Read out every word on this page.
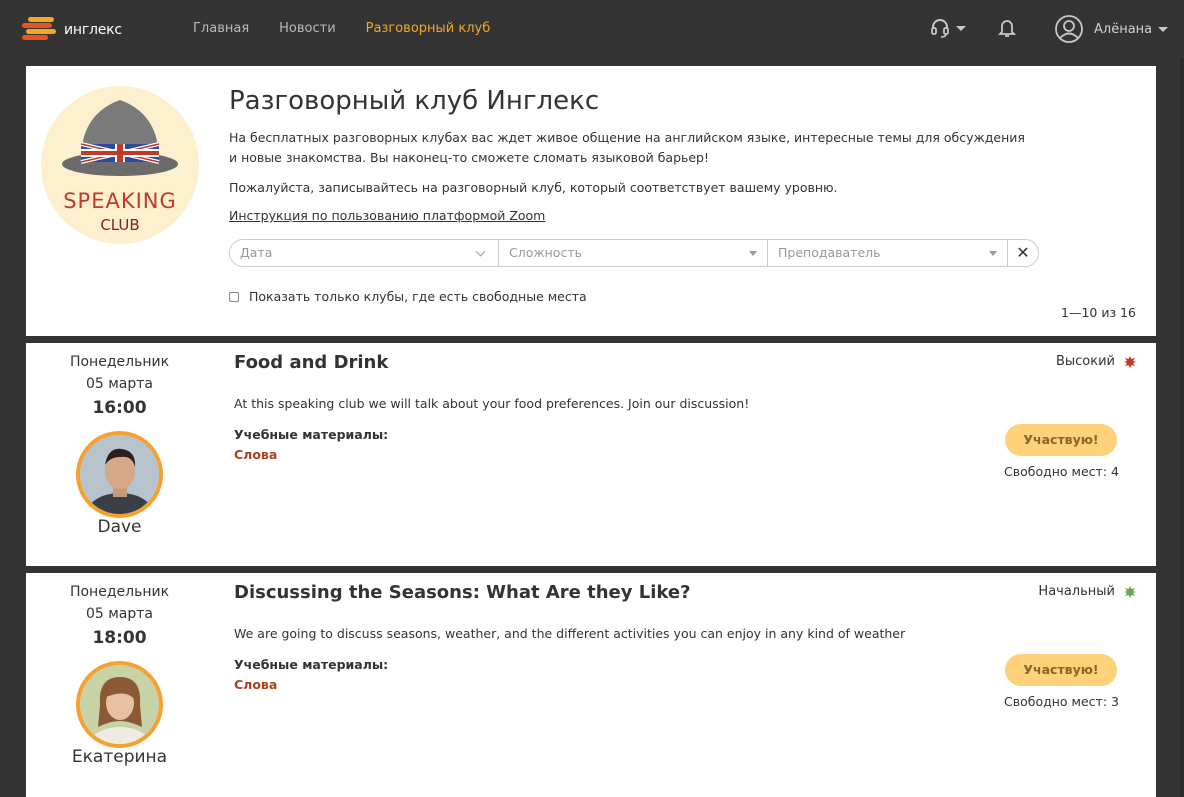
инглекс	Главная Новости Разговорный клуб	Алёнана
SPEAKING
CLUB
Разговорный клуб Инглекс

На бесплатных разговорных клубах вас ждет живое общение на английском языке, интересные темы для обсуждения и новые знакомства. Вы наконец-то сможете сломать языковой барьер!

Пожалуйста, записывайтесь на разговорный клуб, который соответствует вашему уровню.

Инструкция по пользованию платформой Zoom
Дата	Сложность	Преподаватель	✕
Показать только клубы, где есть свободные места
1—10 из 16
Понедельник
05 марта
16:00
Dave
Food and Drink	Высокий
At this speaking club we will talk about your food preferences. Join our discussion!
Учебные материалы:
Слова
Участвую!
Свободно мест: 4
Понедельник
05 марта
18:00
Екатерина
Discussing the Seasons: What Are they Like?	Начальный
We are going to discuss seasons, weather, and the different activities you can enjoy in any kind of weather
Учебные материалы:
Слова
Участвую!
Свободно мест: 3
